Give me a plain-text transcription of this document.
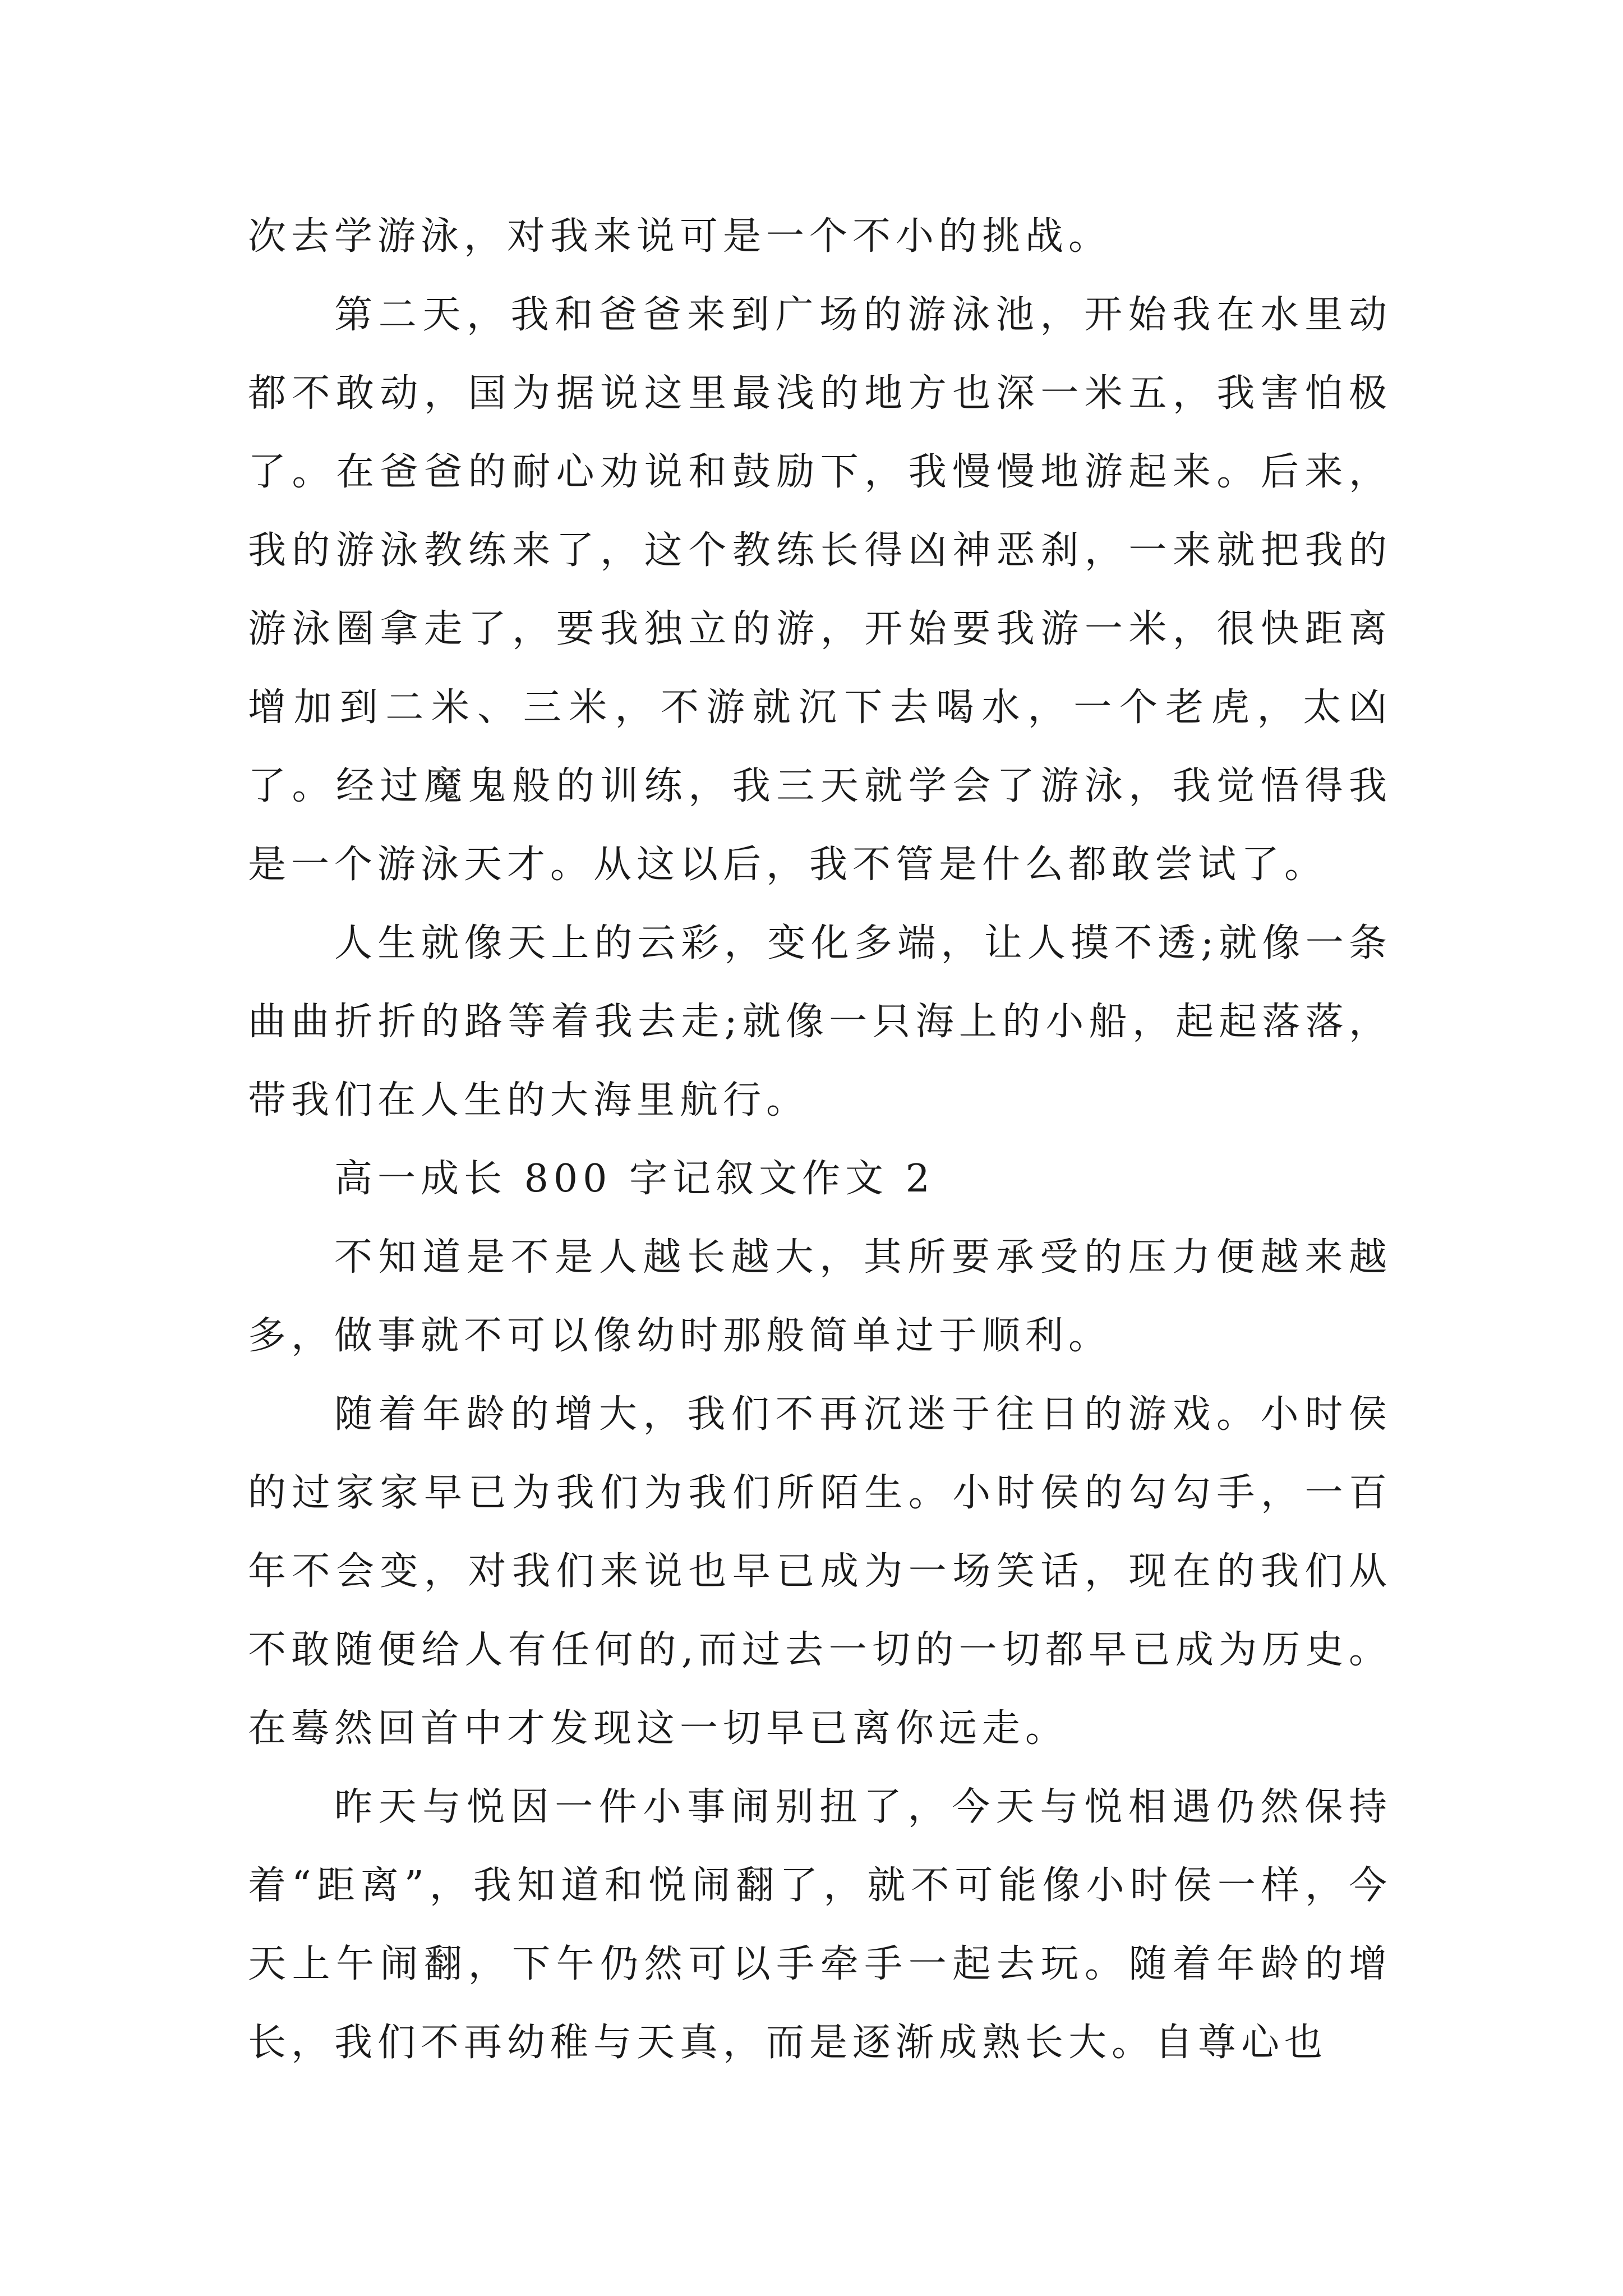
次去学游泳，对我来说可是一个不小的挑战。

第二天，我和爸爸来到广场的游泳池，开始我在水里动都不敢动，国为据说这里最浅的地方也深一米五，我害怕极了。在爸爸的耐心劝说和鼓励下，我慢慢地游起来。后来，我的游泳教练来了，这个教练长得凶神恶刹，一来就把我的游泳圈拿走了，要我独立的游，开始要我游一米，很快距离增加到二米、三米，不游就沉下去喝水，一个老虎，太凶了。经过魔鬼般的训练，我三天就学会了游泳，我觉悟得我是一个游泳天才。从这以后，我不管是什么都敢尝试了。

人生就像天上的云彩，变化多端，让人摸不透;就像一条曲曲折折的路等着我去走;就像一只海上的小船，起起落落，带我们在人生的大海里航行。

高一成长 800 字记叙文作文 2

不知道是不是人越长越大，其所要承受的压力便越来越多，做事就不可以像幼时那般简单过于顺利。

随着年龄的增大，我们不再沉迷于往日的游戏。小时侯的过家家早已为我们为我们所陌生。小时侯的勾勾手，一百年不会变，对我们来说也早已成为一场笑话，现在的我们从不敢随便给人有任何的,而过去一切的一切都早已成为历史。在蓦然回首中才发现这一切早已离你远走。

昨天与悦因一件小事闹别扭了，今天与悦相遇仍然保持着“距离”，我知道和悦闹翻了，就不可能像小时侯一样，今天上午闹翻，下午仍然可以手牵手一起去玩。随着年龄的增长，我们不再幼稚与天真，而是逐渐成熟长大。自尊心也
